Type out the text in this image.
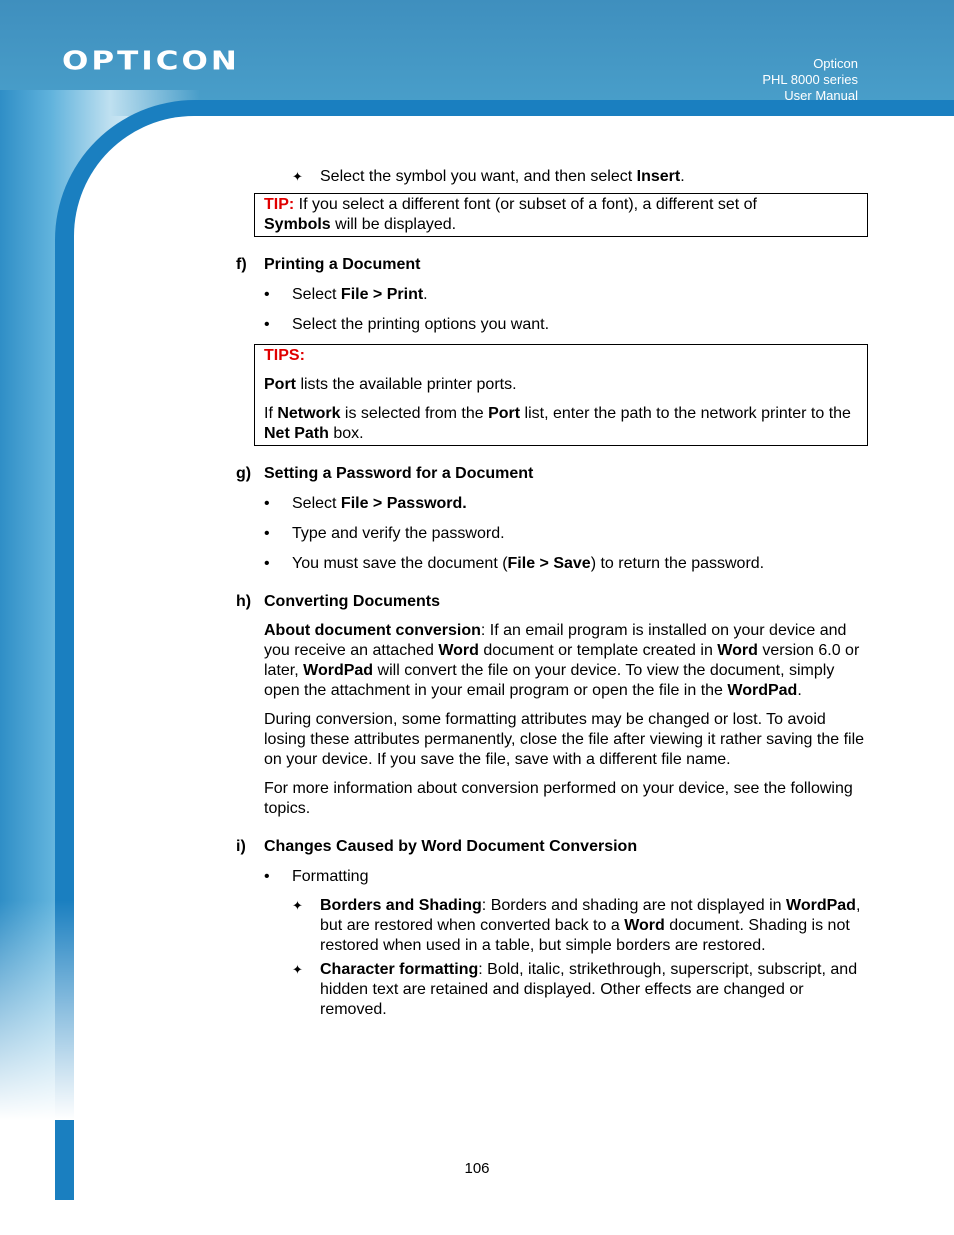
OPTICON	Opticon
PHL 8000 series
User Manual
✦ Select the symbol you want, and then select Insert.

TIP: If you select a different font (or subset of a font), a different set of
Symbols will be displayed.

f) Printing a Document
• Select File > Print.
• Select the printing options you want.

TIPS:

Port lists the available printer ports.

If Network is selected from the Port list, enter the path to the network printer to the Net Path box.

g) Setting a Password for a Document
• Select File > Password.
• Type and verify the password.
• You must save the document (File > Save) to return the password.
h) Converting Documents

About document conversion: If an email program is installed on your device and you receive an attached Word document or template created in Word version 6.0 or later, WordPad will convert the file on your device. To view the document, simply open the attachment in your email program or open the file in the WordPad.

During conversion, some formatting attributes may be changed or lost. To avoid losing these attributes permanently, close the file after viewing it rather saving the file on your device. If you save the file, save with a different file name.

For more information about conversion performed on your device, see the following topics.

i) Changes Caused by Word Document Conversion
• Formatting
✦ Borders and Shading: Borders and shading are not displayed in WordPad, but are restored when converted back to a Word document. Shading is not restored when used in a table, but simple borders are restored.
✦ Character formatting: Bold, italic, strikethrough, superscript, subscript, and hidden text are retained and displayed. Other effects are changed or removed.
106
